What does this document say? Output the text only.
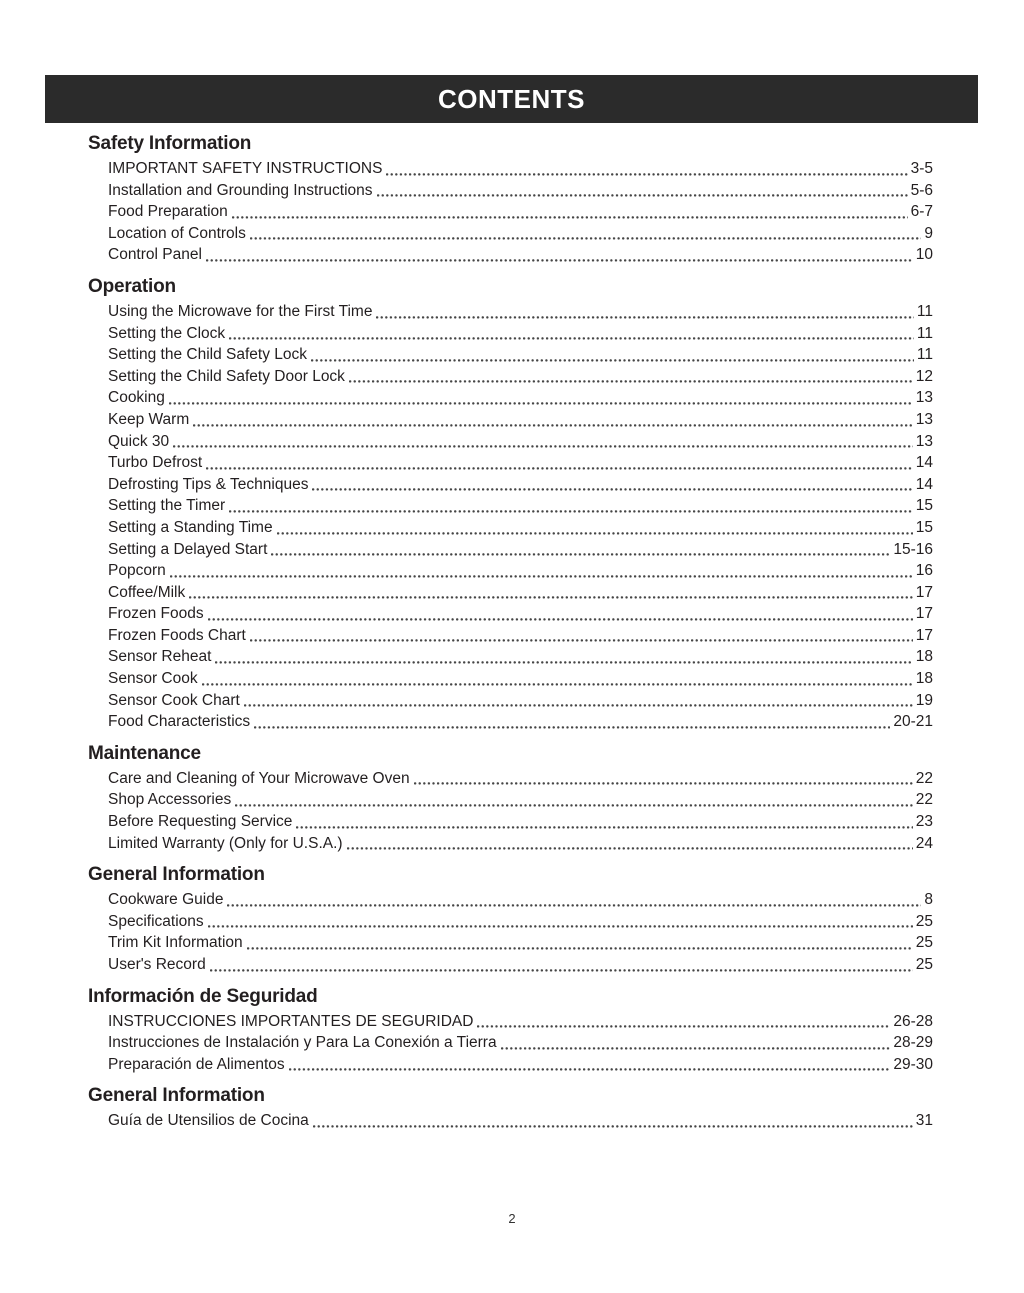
CONTENTS
Safety Information
IMPORTANT SAFETY INSTRUCTIONS	3-5
Installation and Grounding Instructions	5-6
Food Preparation	6-7
Location of Controls	9
Control Panel	10
Operation
Using the Microwave for the First Time	11
Setting the Clock	11
Setting the Child Safety Lock	11
Setting the Child Safety Door Lock	12
Cooking	13
Keep Warm	13
Quick 30	13
Turbo Defrost	14
Defrosting Tips & Techniques	14
Setting the Timer	15
Setting a Standing Time	15
Setting a Delayed Start	15-16
Popcorn	16
Coffee/Milk	17
Frozen Foods	17
Frozen Foods Chart	17
Sensor Reheat	18
Sensor Cook	18
Sensor Cook Chart	19
Food Characteristics	20-21
Maintenance
Care and Cleaning of Your Microwave Oven	22
Shop Accessories	22
Before Requesting Service	23
Limited Warranty (Only for U.S.A.)	24
General Information
Cookware Guide	8
Specifications	25
Trim Kit Information	25
User's Record	25
Información de Seguridad
INSTRUCCIONES IMPORTANTES DE SEGURIDAD	26-28
Instrucciones de Instalación y Para La Conexión a Tierra	28-29
Preparación de Alimentos	29-30
General Information
Guía de Utensilios de Cocina	31
2
